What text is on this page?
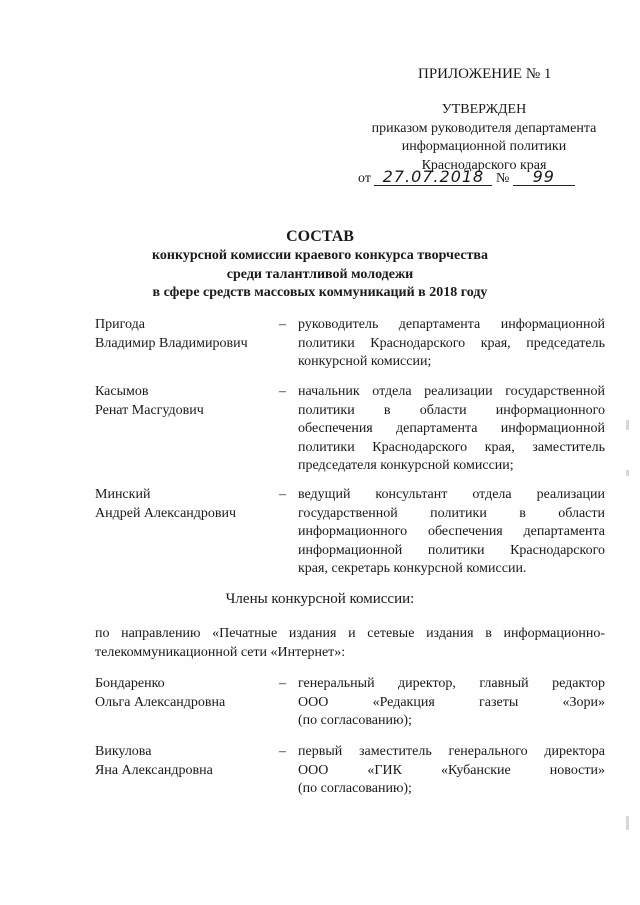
ПРИЛОЖЕНИЕ № 1
УТВЕРЖДЕН
приказом руководителя департамента
информационной политики
Краснодарского края
от 27.07.2018 № 99
СОСТАВ
конкурсной комиссии краевого конкурса творчества
среди талантливой молодежи
в сфере средств массовых коммуникаций в 2018 году
Пригода
Владимир Владимирович
– руководитель департамента информационной
политики Краснодарского края, председатель
конкурсной комиссии;
Касымов
Ренат Масгудович
– начальник отдела реализации государственной
политики в области информационного
обеспечения департамента информационной
политики Краснодарского края, заместитель
председателя конкурсной комиссии;
Минский
Андрей Александрович
– ведущий консультант отдела реализации
государственной политики в области
информационного обеспечения департамента
информационной политики Краснодарского
края, секретарь конкурсной комиссии.
Члены конкурсной комиссии:
по направлению «Печатные издания и сетевые издания в информационно-
телекоммуникационной сети «Интернет»:
Бондаренко
Ольга Александровна
– генеральный директор, главный редактор
ООО «Редакция газеты «Зори»
(по согласованию);
Викулова
Яна Александровна
– первый заместитель генерального директора
ООО «ГИК «Кубанские новости»
(по согласованию);
